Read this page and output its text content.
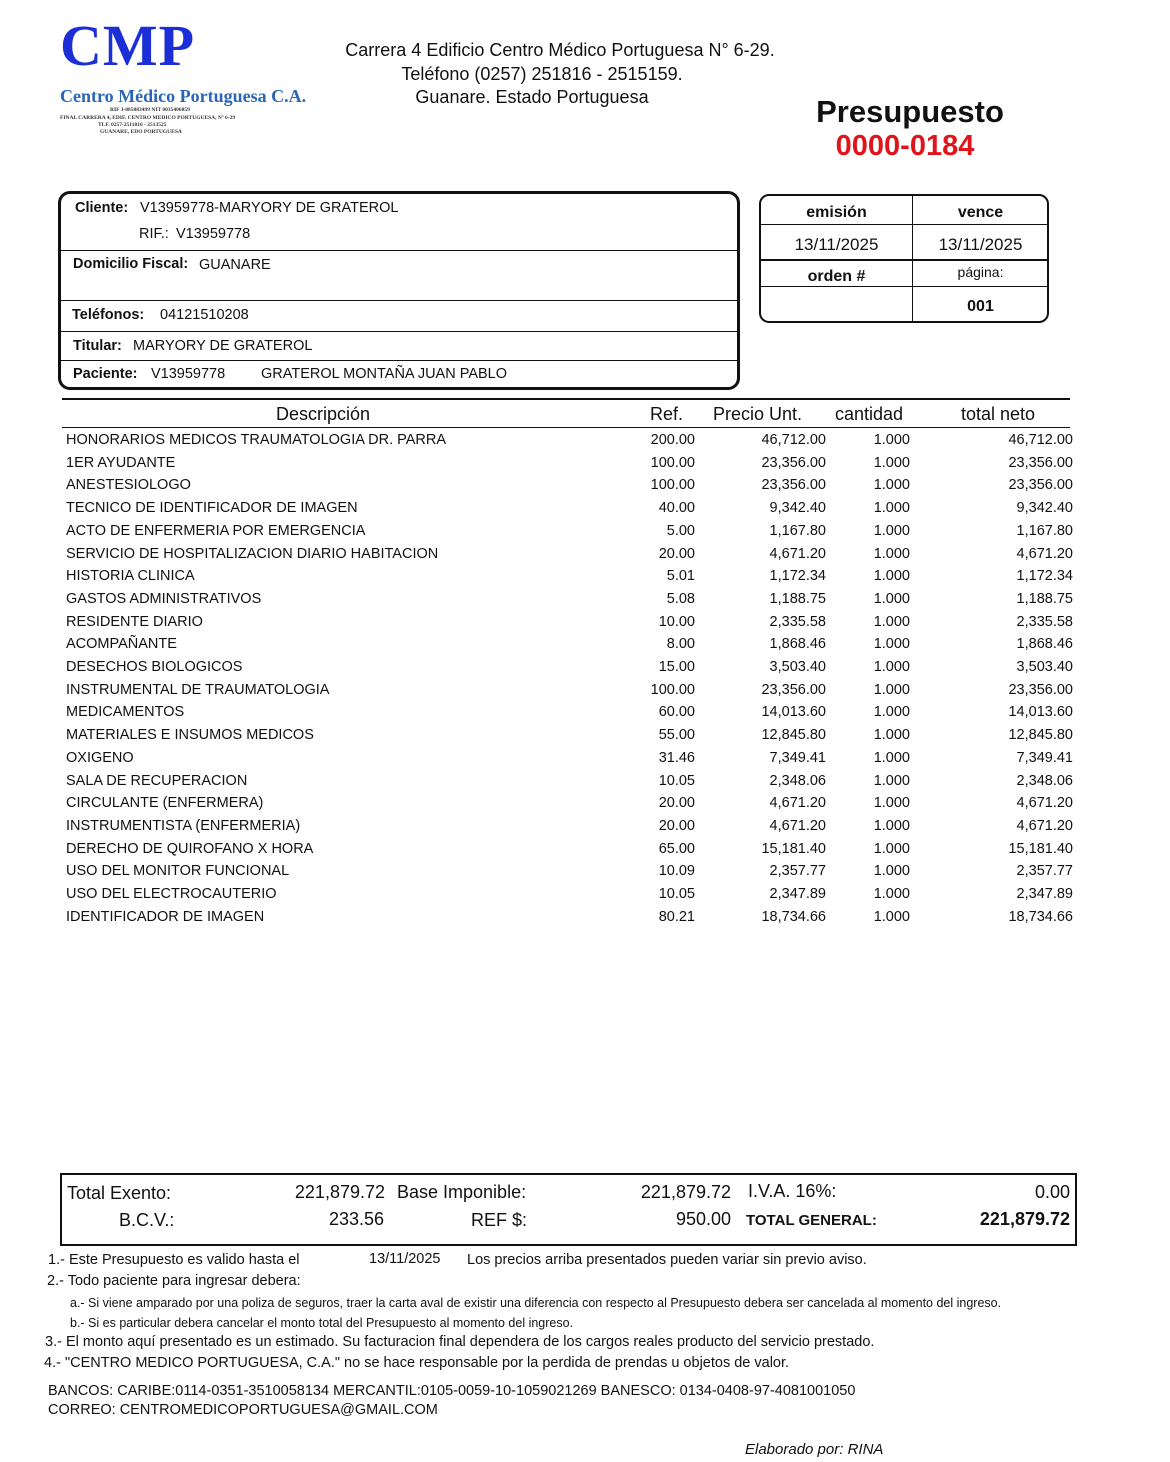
CMP
Centro Médico Portuguesa C.A.
RIF J-085083499 NIT 0035406859
FINAL CARRERA 4, EDIF. CENTRO MEDICO PORTUGUESA, Nº 6-29
TLF. 0257-2511816 - 2513525
GUANARE, EDO PORTUGUESA
Carrera 4 Edificio Centro Médico Portuguesa N° 6-29.
Teléfono (0257) 251816 - 2515159.
Guanare. Estado Portuguesa	Presupuesto
0000-0184
Cliente: V13959778-MARYORY DE GRATEROL
RIF.: V13959778
Domicilio Fiscal: GUANARE
Teléfonos: 04121510208
Titular: MARYORY DE GRATEROL
Paciente: V13959778 GRATEROL MONTAÑA JUAN PABLO
emisión	vence
13/11/2025	13/11/2025
orden #	página:
001
Descripción	Ref. Precio Unt. cantidad	total neto
HONORARIOS MEDICOS TRAUMATOLOGIA DR. PARRA	200.00	46,712.00	1.000	46,712.00
1ER AYUDANTE	100.00	23,356.00	1.000	23,356.00
ANESTESIOLOGO	100.00	23,356.00	1.000	23,356.00
TECNICO DE IDENTIFICADOR DE IMAGEN	40.00	9,342.40	1.000	9,342.40
ACTO DE ENFERMERIA POR EMERGENCIA	5.00	1,167.80	1.000	1,167.80
SERVICIO DE HOSPITALIZACION DIARIO HABITACION	20.00	4,671.20	1.000	4,671.20
HISTORIA CLINICA	5.01	1,172.34	1.000	1,172.34
GASTOS ADMINISTRATIVOS	5.08	1,188.75	1.000	1,188.75
RESIDENTE DIARIO	10.00	2,335.58	1.000	2,335.58
ACOMPAÑANTE	8.00	1,868.46	1.000	1,868.46
DESECHOS BIOLOGICOS	15.00	3,503.40	1.000	3,503.40
INSTRUMENTAL DE TRAUMATOLOGIA	100.00	23,356.00	1.000	23,356.00
MEDICAMENTOS	60.00	14,013.60	1.000	14,013.60
MATERIALES E INSUMOS MEDICOS	55.00	12,845.80	1.000	12,845.80
OXIGENO	31.46	7,349.41	1.000	7,349.41
SALA DE RECUPERACION	10.05	2,348.06	1.000	2,348.06
CIRCULANTE (ENFERMERA)	20.00	4,671.20	1.000	4,671.20
INSTRUMENTISTA (ENFERMERIA)	20.00	4,671.20	1.000	4,671.20
DERECHO DE QUIROFANO X HORA	65.00	15,181.40	1.000	15,181.40
USO DEL MONITOR FUNCIONAL	10.09	2,357.77	1.000	2,357.77
USO DEL ELECTROCAUTERIO	10.05	2,347.89	1.000	2,347.89
IDENTIFICADOR DE IMAGEN	80.21	18,734.66	1.000	18,734.66
Total Exento:	221,879.72 Base Imponible:	221,879.72 I.V.A. 16%:	0.00
B.C.V.:	233.56	REF $:	950.00 TOTAL GENERAL:	221,879.72
1.- Este Presupuesto es valido hasta el	13/11/2025 Los precios arriba presentados pueden variar sin previo aviso.
2.- Todo paciente para ingresar debera:
a.- Si viene amparado por una poliza de seguros, traer la carta aval de existir una diferencia con respecto al Presupuesto debera ser cancelada al momento del ingreso.
b.- Si es particular debera cancelar el monto total del Presupuesto al momento del ingreso.
3.- El monto aquí presentado es un estimado. Su facturacion final dependera de los cargos reales producto del servicio prestado.
4.- "CENTRO MEDICO PORTUGUESA, C.A." no se hace responsable por la perdida de prendas u objetos de valor.
BANCOS: CARIBE:0114-0351-3510058134 MERCANTIL:0105-0059-10-1059021269 BANESCO: 0134-0408-97-4081001050
CORREO: CENTROMEDICOPORTUGUESA@GMAIL.COM
Elaborado por: RINA
